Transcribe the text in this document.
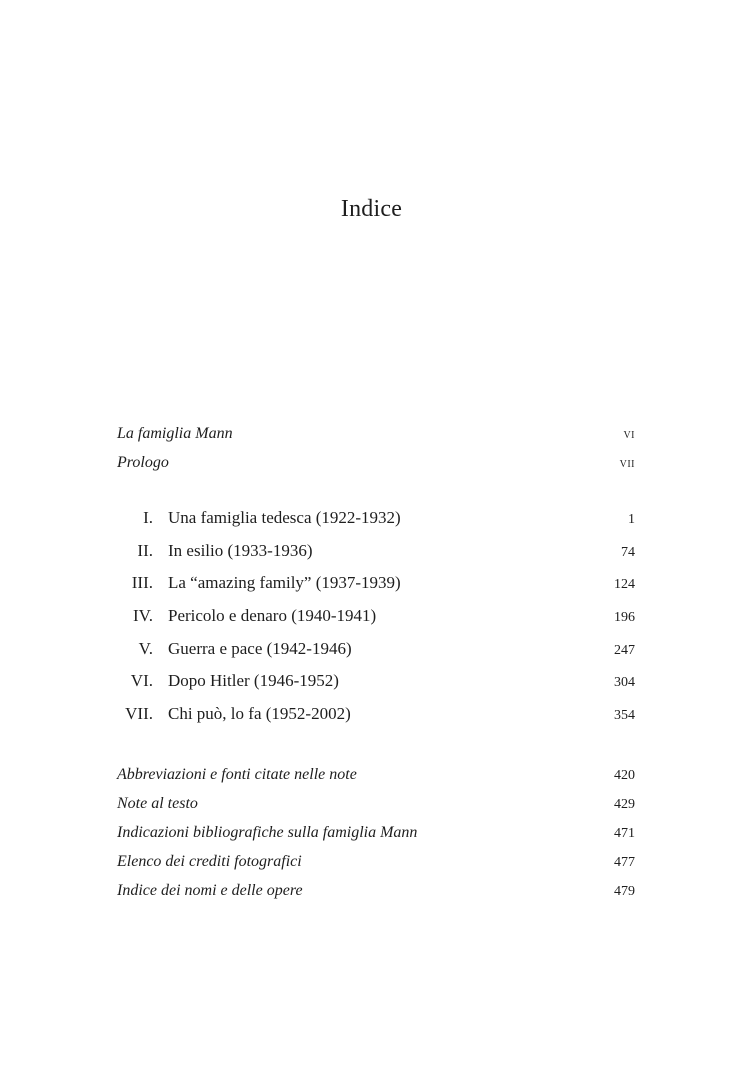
Indice
La famiglia Mann	vi
Prologo	vii
I. Una famiglia tedesca (1922-1932)	1
II. In esilio (1933-1936)	74
III. La “amazing family” (1937-1939)	124
IV. Pericolo e denaro (1940-1941)	196
V. Guerra e pace (1942-1946)	247
VI. Dopo Hitler (1946-1952)	304
VII. Chi può, lo fa (1952-2002)	354
Abbreviazioni e fonti citate nelle note	420
Note al testo	429
Indicazioni bibliografiche sulla famiglia Mann	471
Elenco dei crediti fotografici	477
Indice dei nomi e delle opere	479
